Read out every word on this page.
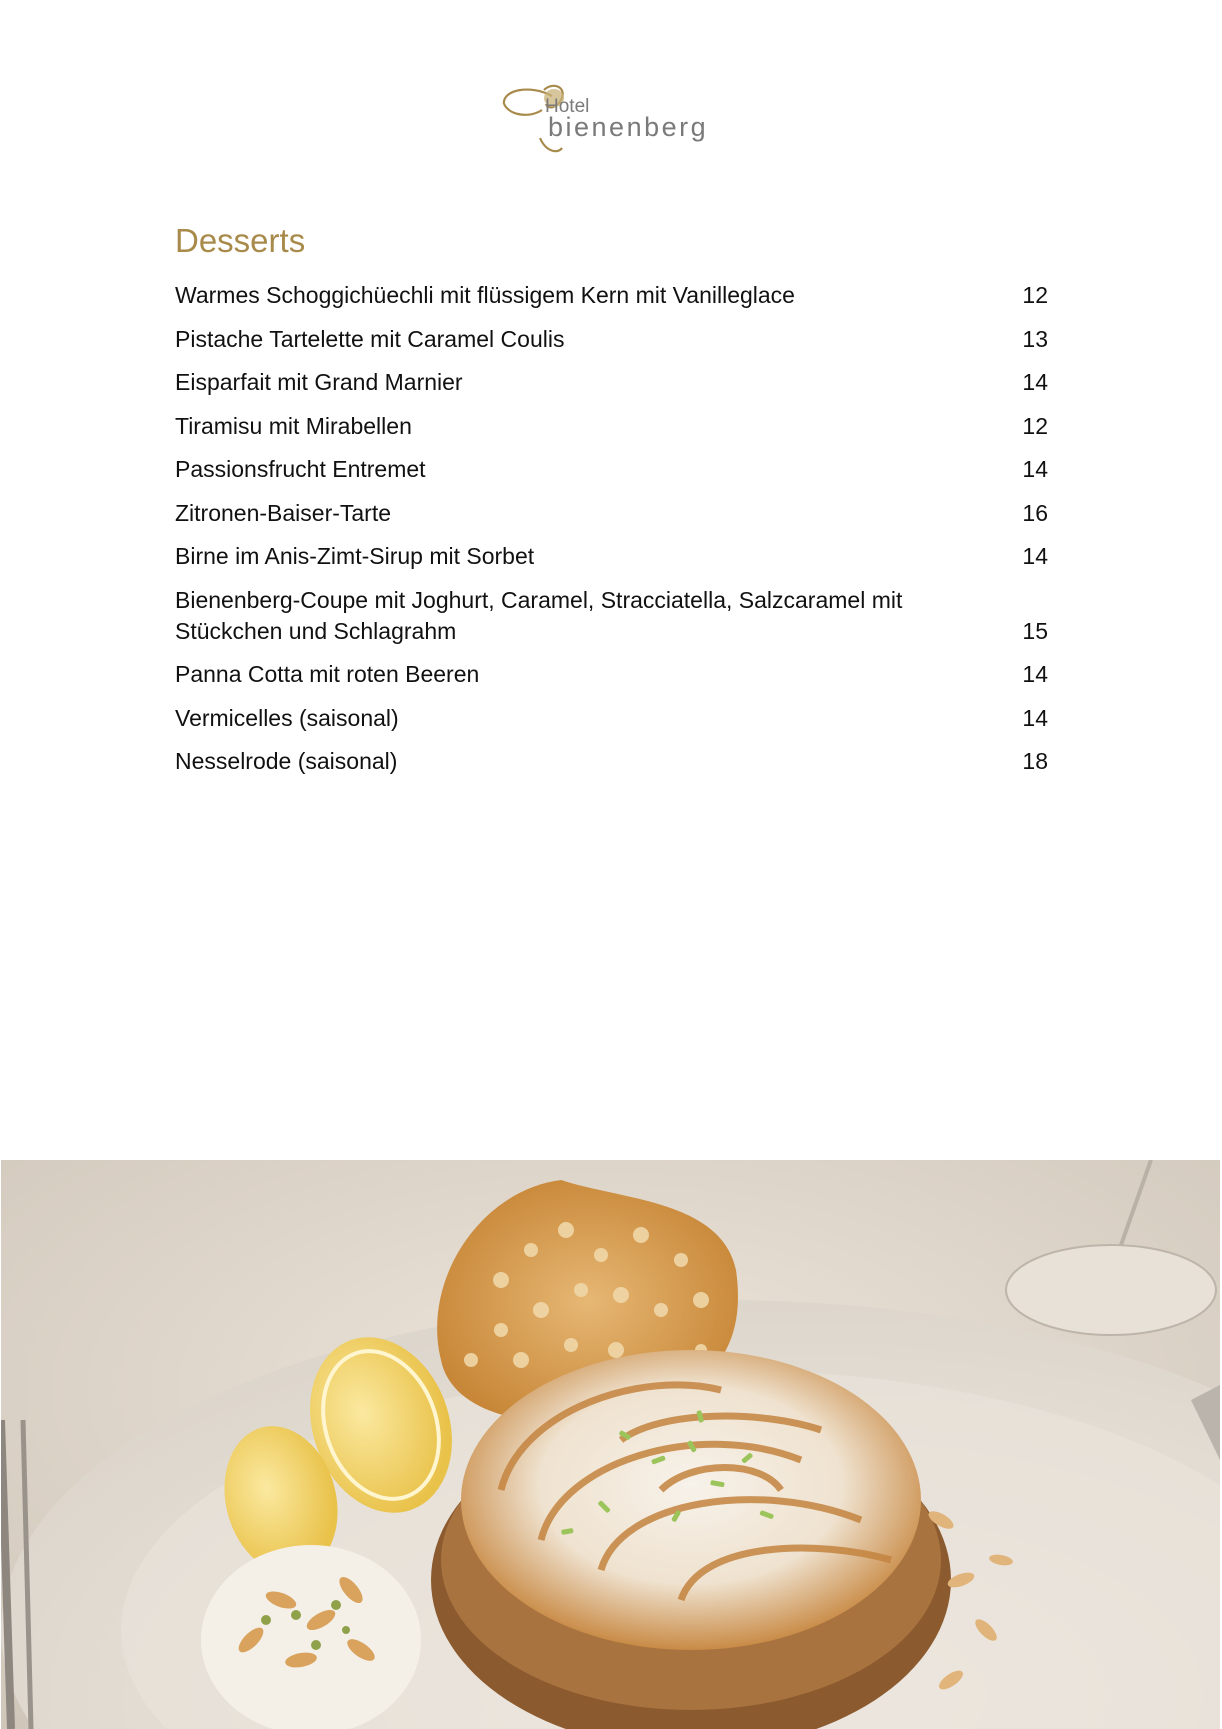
Hotel
bienenberg
Desserts
Warmes Schoggichüechli mit flüssigem Kern mit Vanilleglace	12
Pistache Tartelette mit Caramel Coulis	13
Eisparfait mit Grand Marnier	14
Tiramisu mit Mirabellen	12
Passionsfrucht Entremet	14
Zitronen-Baiser-Tarte	16
Birne im Anis-Zimt-Sirup mit Sorbet	14
Bienenberg-Coupe mit Joghurt, Caramel, Stracciatella, Salzcaramel mit Stückchen und Schlagrahm	15
Panna Cotta mit roten Beeren	14
Vermicelles (saisonal)	14
Nesselrode (saisonal)	18
